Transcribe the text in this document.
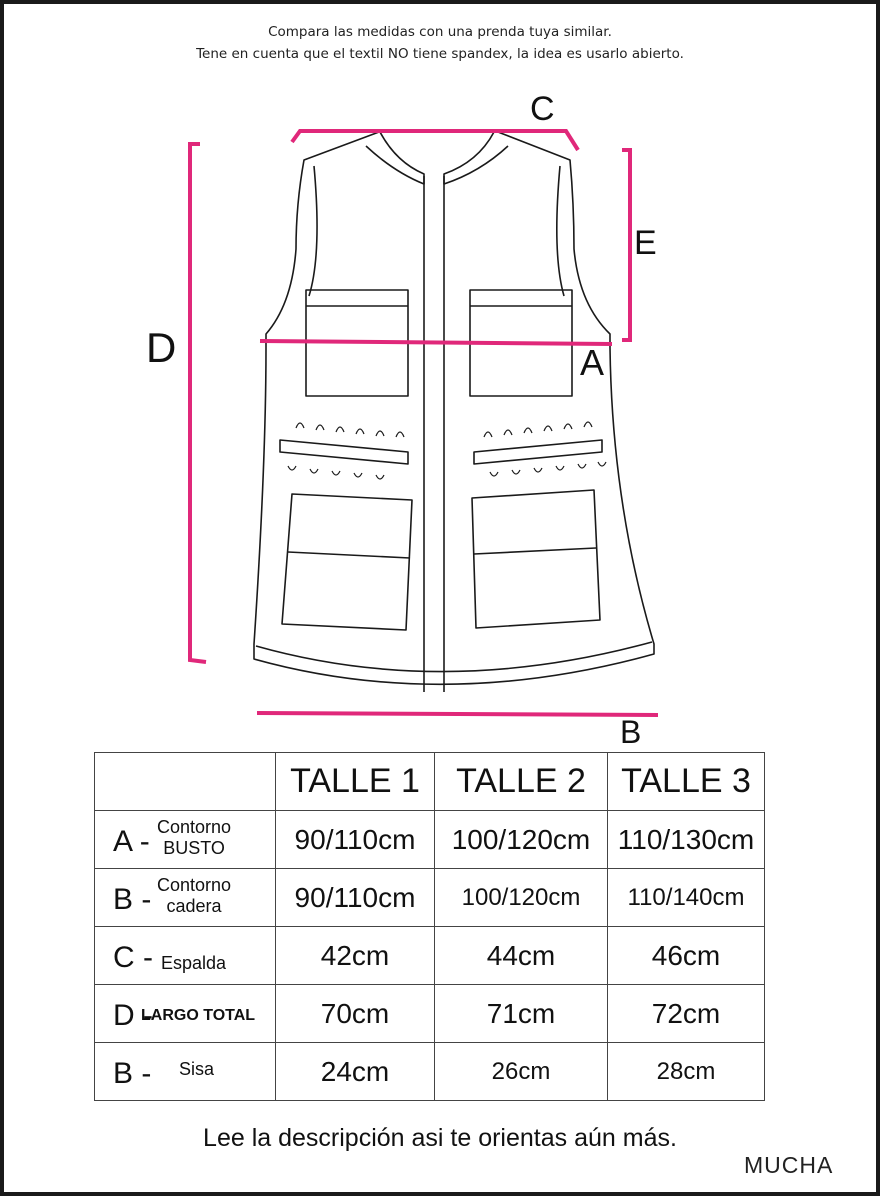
Compara las medidas con una prenda tuya similar.
Tene en cuenta que el textil NO tiene spandex, la idea es usarlo abierto.
C
E
D	A
B
	TALLE 1	TALLE 2	TALLE 3

A - Contorno
BUSTO	90/110cm	100/120cm	110/130cm

B - Contorno
cadera	90/110cm	100/120cm	110/140cm

C - Espalda	42cm	44cm	46cm

D -
LARGO TOTAL	70cm	71cm	72cm

B - Sisa	24cm	26cm	28cm
Lee la descripción asi te orientas aún más.
MUCHA
